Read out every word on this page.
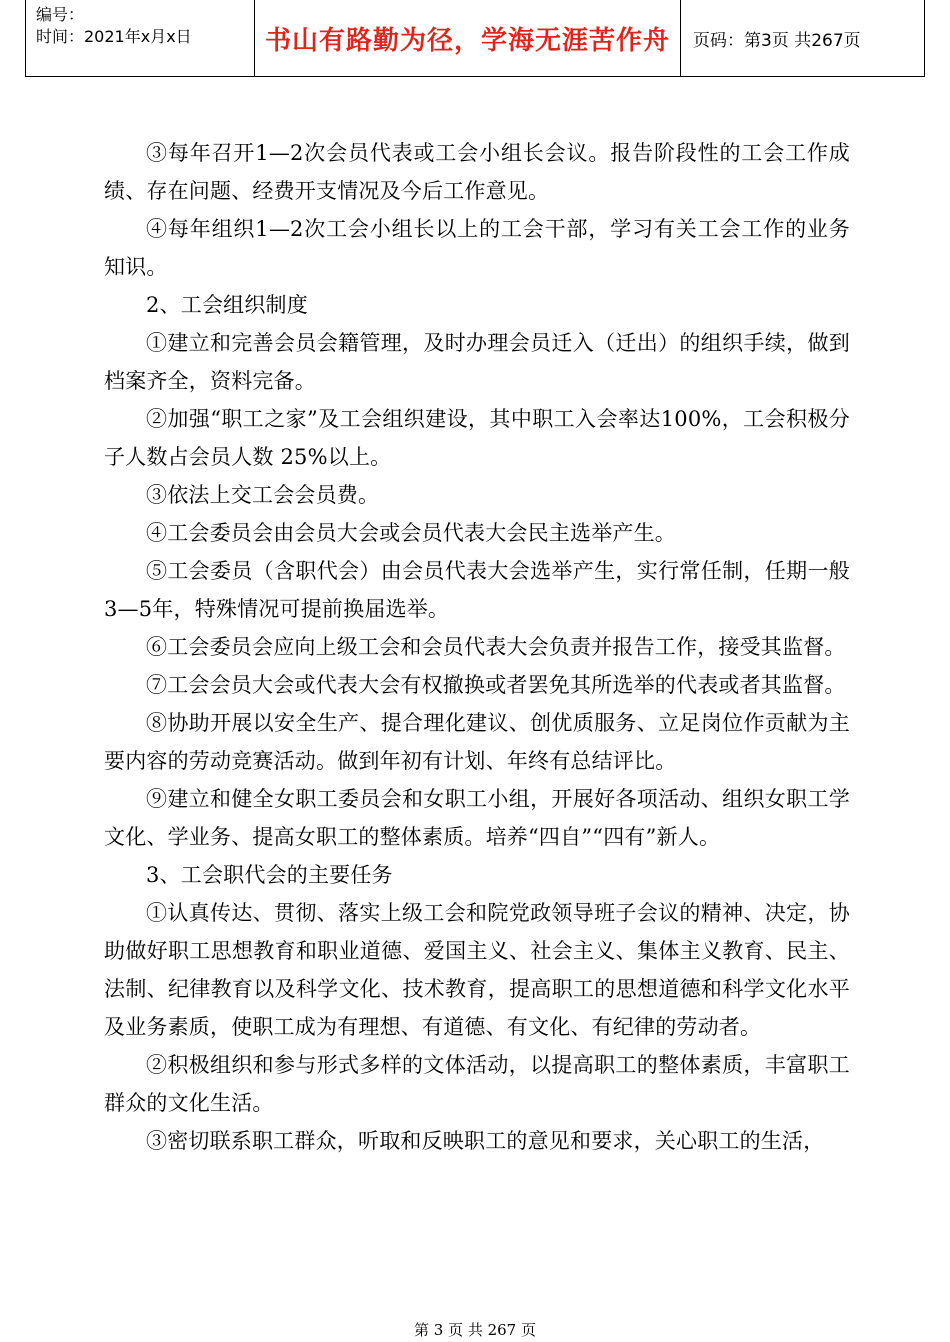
编号：
时间：2021年x月x日	书山有路勤为径，学海无涯苦作舟	页码：第3页 共267页

③每年召开1—2次会员代表或工会小组长会议。报告阶段性的工会工作成绩、存在问题、经费开支情况及今后工作意见。

④每年组织1—2次工会小组长以上的工会干部，学习有关工会工作的业务知识。

2、工会组织制度

①建立和完善会员会籍管理，及时办理会员迁入（迁出）的组织手续，做到档案齐全，资料完备。

②加强“职工之家”及工会组织建设，其中职工入会率达100%，工会积极分子人数占会员人数 25%以上。

③依法上交工会会员费。

④工会委员会由会员大会或会员代表大会民主选举产生。

⑤工会委员（含职代会）由会员代表大会选举产生，实行常任制，任期一般3—5年，特殊情况可提前换届选举。

⑥工会委员会应向上级工会和会员代表大会负责并报告工作，接受其监督。

⑦工会会员大会或代表大会有权撤换或者罢免其所选举的代表或者其监督。

⑧协助开展以安全生产、提合理化建议、创优质服务、立足岗位作贡献为主要内容的劳动竞赛活动。做到年初有计划、年终有总结评比。

⑨建立和健全女职工委员会和女职工小组，开展好各项活动、组织女职工学文化、学业务、提高女职工的整体素质。培养“四自”“四有”新人。

3、工会职代会的主要任务

①认真传达、贯彻、落实上级工会和院党政领导班子会议的精神、决定，协助做好职工思想教育和职业道德、爱国主义、社会主义、集体主义教育、民主、法制、纪律教育以及科学文化、技术教育，提高职工的思想道德和科学文化水平及业务素质，使职工成为有理想、有道德、有文化、有纪律的劳动者。

②积极组织和参与形式多样的文体活动，以提高职工的整体素质，丰富职工群众的文化生活。

③密切联系职工群众，听取和反映职工的意见和要求，关心职工的生活，

第 3 页 共 267 页
